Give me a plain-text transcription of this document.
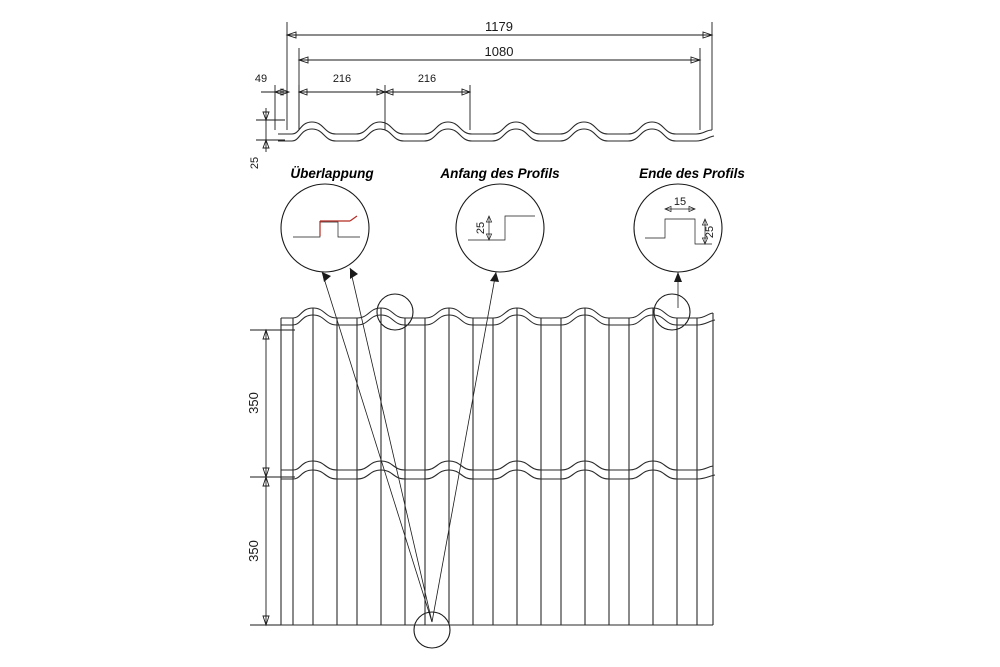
1179
1080
49	216	216
25
Überlappung	Anfang des Profils	Ende des Profils
25
15
25
350
350
